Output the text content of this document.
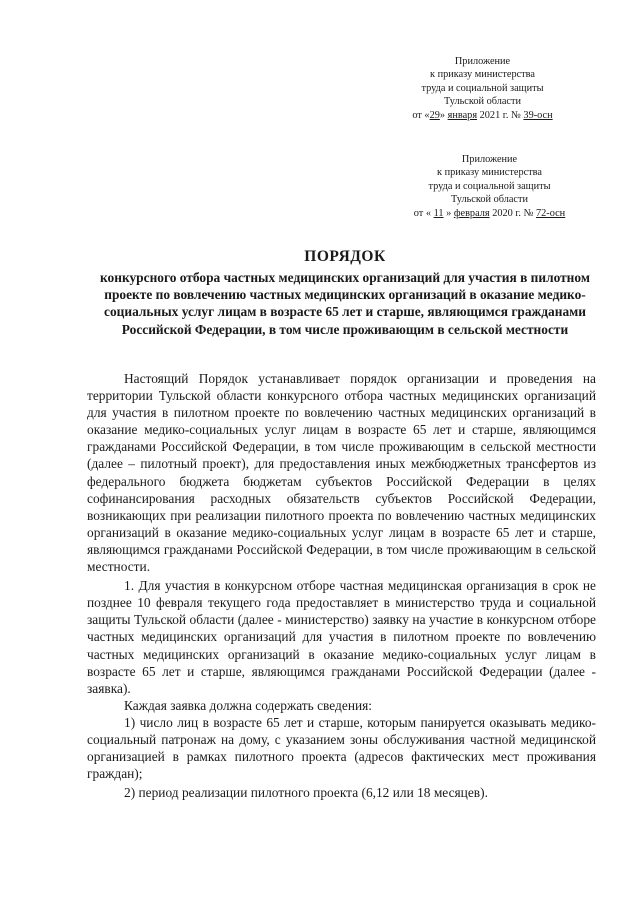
Приложение
к приказу министерства
труда и социальной защиты
Тульской области
от «29» января 2021 г. № 39-осн
Приложение
к приказу министерства
труда и социальной защиты
Тульской области
от « 11 » февраля 2020 г. № 72-осн
ПОРЯДОК
конкурсного отбора частных медицинских организаций для участия в пилотном проекте по вовлечению частных медицинских организаций в оказание медико-социальных услуг лицам в возрасте 65 лет и старше, являющимся гражданами Российской Федерации, в том числе проживающим в сельской местности

Настоящий Порядок устанавливает порядок организации и проведения на территории Тульской области конкурсного отбора частных медицинских организаций для участия в пилотном проекте по вовлечению частных медицинских организаций в оказание медико-социальных услуг лицам в возрасте 65 лет и старше, являющимся гражданами Российской Федерации, в том числе проживающим в сельской местности (далее – пилотный проект), для предоставления иных межбюджетных трансфертов из федерального бюджета бюджетам субъектов Российской Федерации в целях софинансирования расходных обязательств субъектов Российской Федерации, возникающих при реализации пилотного проекта по вовлечению частных медицинских организаций в оказание медико-социальных услуг лицам в возрасте 65 лет и старше, являющимся гражданами Российской Федерации, в том числе проживающим в сельской местности.

1. Для участия в конкурсном отборе частная медицинская организация в срок не позднее 10 февраля текущего года предоставляет в министерство труда и социальной защиты Тульской области (далее - министерство) заявку на участие в конкурсном отборе частных медицинских организаций для участия в пилотном проекте по вовлечению частных медицинских организаций в оказание медико-социальных услуг лицам в возрасте 65 лет и старше, являющимся гражданами Российской Федерации (далее - заявка).

Каждая заявка должна содержать сведения:

1) число лиц в возрасте 65 лет и старше, которым панируется оказывать медико-социальный патронаж на дому, с указанием зоны обслуживания частной медицинской организацией в рамках пилотного проекта (адресов фактических мест проживания граждан);

2) период реализации пилотного проекта (6,12 или 18 месяцев).
